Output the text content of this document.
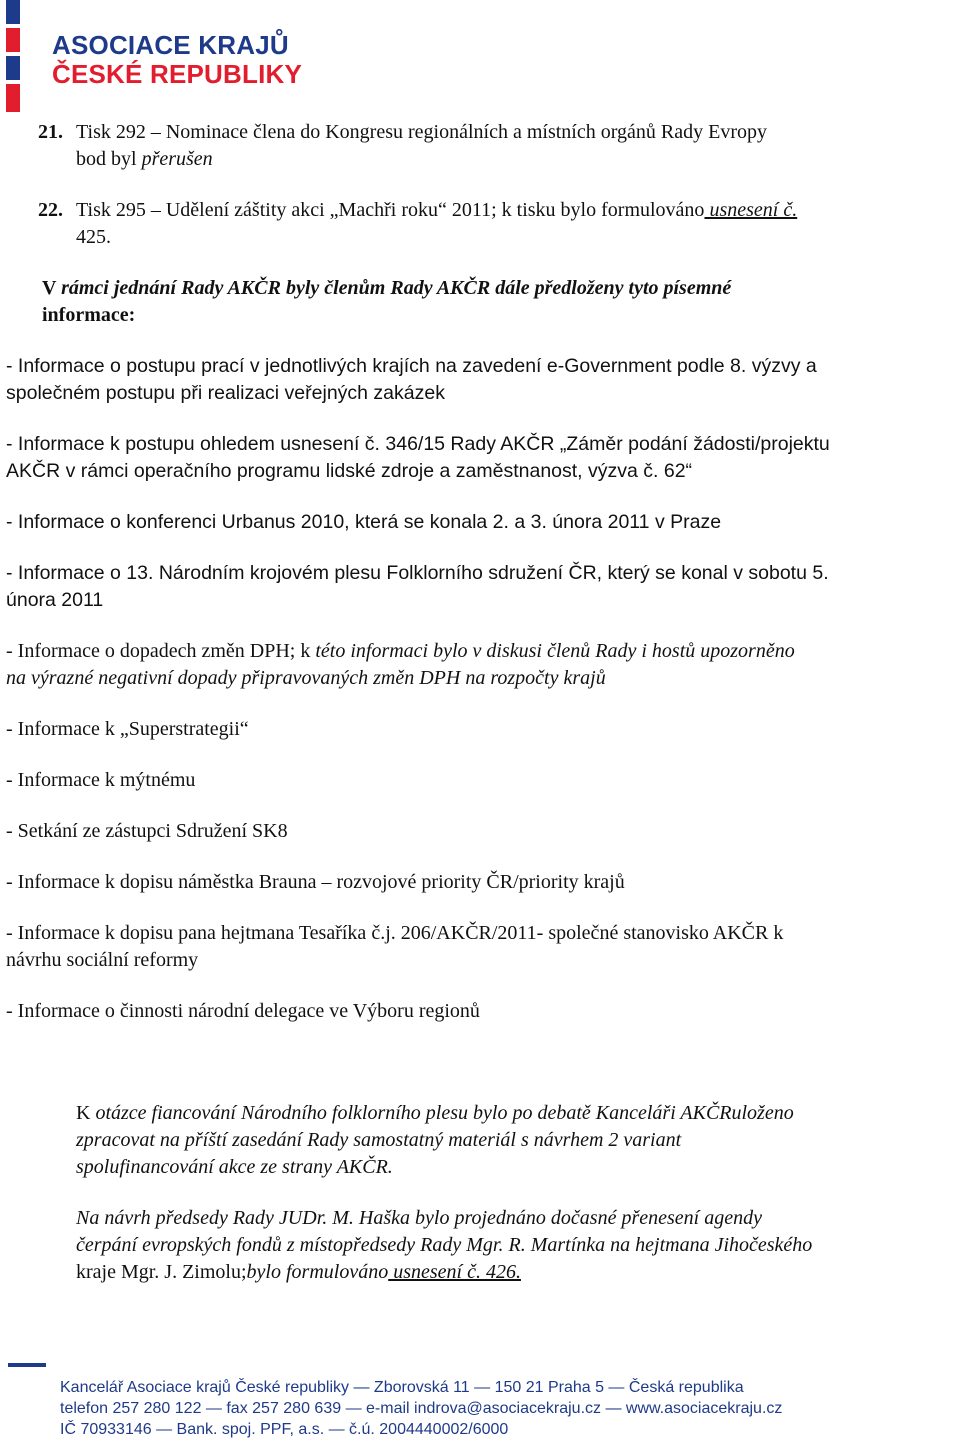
ASOCIACE KRAJŮ
ČESKÉ REPUBLIKY
21. Tisk 292 – Nominace člena do Kongresu regionálních a místních orgánů Rady Evropy
bod byl přerušen
22. Tisk 295 – Udělení záštity akci „Machři roku“ 2011; k tisku bylo formulováno usnesení č.
425.
V rámci jednání Rady AKČR byly členům Rady AKČR dále předloženy tyto písemné
informace:
- Informace o postupu prací v jednotlivých krajích na zavedení e-Government podle 8. výzvy a
společném postupu při realizaci veřejných zakázek
- Informace k postupu ohledem usnesení č. 346/15 Rady AKČR „Záměr podání žádosti/projektu
AKČR v rámci operačního programu lidské zdroje a zaměstnanost, výzva č. 62“
- Informace o konferenci Urbanus 2010, která se konala 2. a 3. února 2011 v Praze
- Informace o 13. Národním krojovém plesu Folklorního sdružení ČR, který se konal v sobotu 5.
února 2011
- Informace o dopadech změn DPH; k této informaci bylo v diskusi členů Rady i hostů upozorněno
na výrazné negativní dopady připravovaných změn DPH na rozpočty krajů
- Informace k „Superstrategii“
- Informace k mýtnému
- Setkání ze zástupci Sdružení SK8
- Informace k dopisu náměstka Brauna – rozvojové priority ČR/priority krajů
- Informace k dopisu pana hejtmana Tesaříka č.j. 206/AKČR/2011- společné stanovisko AKČR k
návrhu sociální reformy
- Informace o činnosti národní delegace ve Výboru regionů
K otázce fiancování Národního folklorního plesu bylo po debatě Kanceláři AKČRuloženo
zpracovat na příští zasedání Rady samostatný materiál s návrhem 2 variant
spolufinancování akce ze strany AKČR.
Na návrh předsedy Rady JUDr. M. Haška bylo projednáno dočasné přenesení agendy
čerpání evropských fondů z místopředsedy Rady Mgr. R. Martínka na hejtmana Jihočeského
kraje Mgr. J. Zimolu;bylo formulováno usnesení č. 426.
Kancelář Asociace krajů České republiky — Zborovská 11 — 150 21 Praha 5 — Česká republika
telefon 257 280 122 — fax 257 280 639 — e-mail indrova@asociacekraju.cz — www.asociacekraju.cz
IČ 70933146 — Bank. spoj. PPF, a.s. — č.ú. 2004440002/6000
